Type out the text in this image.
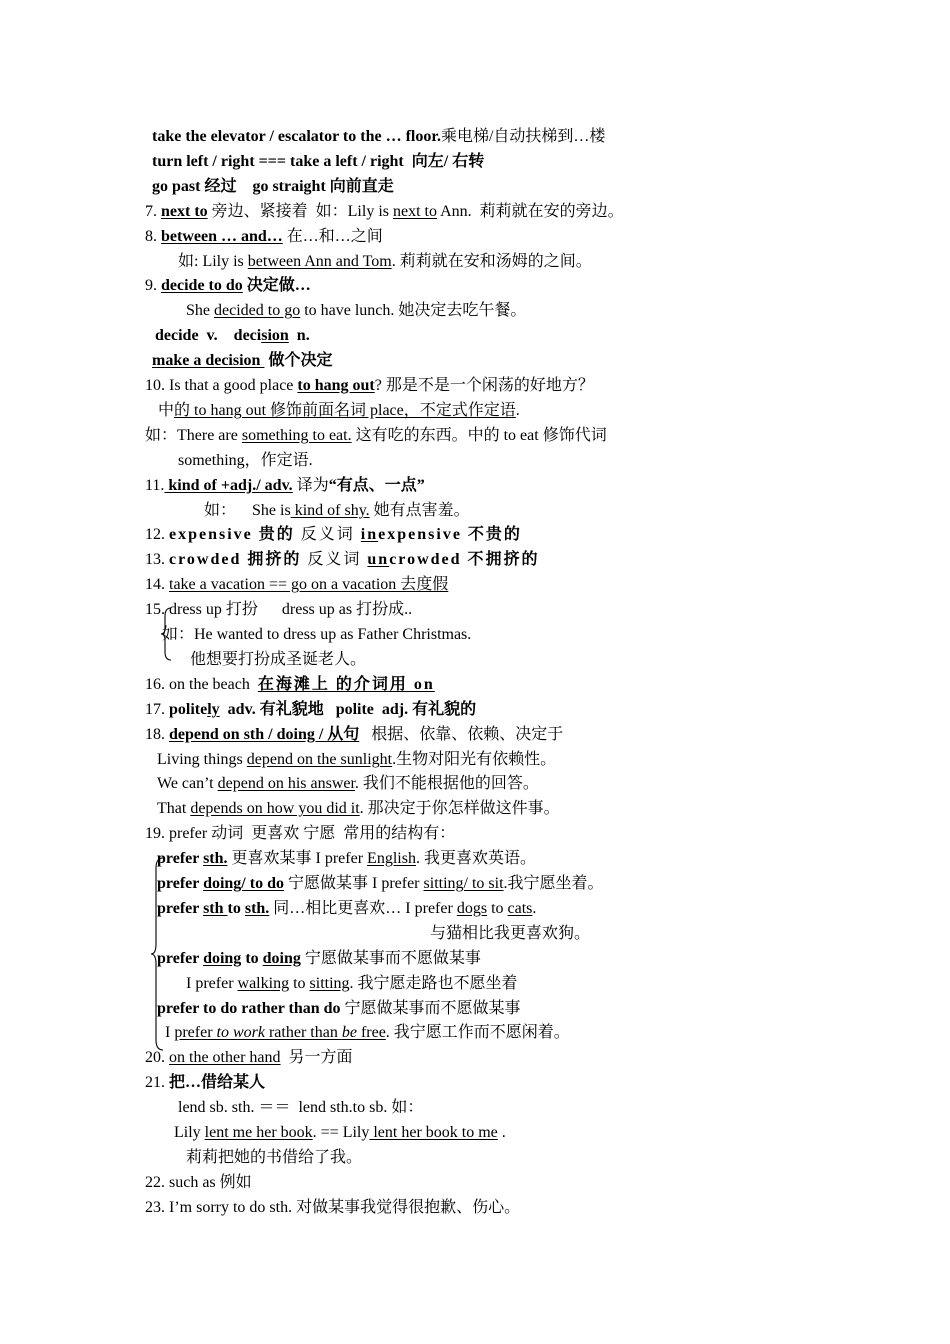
take the elevator / escalator to the … floor.乘电梯/自动扶梯到…楼
turn left / right === take a left / right  向左/ 右转
go past 经过    go straight 向前直走
7. next to 旁边、紧接着  如：Lily is next to Ann.  莉莉就在安的旁边。
8. between … and… 在…和…之间
如: Lily is between Ann and Tom. 莉莉就在安和汤姆的之间。
9. decide to do 决定做…
She decided to go to have lunch. 她决定去吃午餐。
decide  v.    decision  n.
make a decision  做个决定
10. Is that a good place to hang out? 那是不是一个闲荡的好地方？
中的 to hang out 修饰前面名词 place，不定式作定语.
如：There are something to eat. 这有吃的东西。中的 to eat 修饰代词
something，作定语.
11. kind of +adj./ adv. 译为“有点、一点”
如：    She is kind of shy. 她有点害羞。
12. expensive 贵的 反义词 inexpensive 不贵的
13. crowded 拥挤的 反义词 uncrowded 不拥挤的
14. take a vacation == go on a vacation 去度假
15. dress up 打扮      dress up as 打扮成..
如：He wanted to dress up as Father Christmas.
他想要打扮成圣诞老人。
16. on the beach  在海滩上 的介词用 on
17. politely  adv. 有礼貌地   polite  adj. 有礼貌的
18. depend on sth / doing / 从句   根据、依靠、依赖、决定于
Living things depend on the sunlight.生物对阳光有依赖性。
We can’t depend on his answer. 我们不能根据他的回答。
That depends on how you did it. 那决定于你怎样做这件事。
19. prefer 动词  更喜欢 宁愿  常用的结构有：
prefer sth. 更喜欢某事 I prefer English. 我更喜欢英语。
prefer doing/ to do 宁愿做某事 I prefer sitting/ to sit.我宁愿坐着。
prefer sth to sth. 同…相比更喜欢… I prefer dogs to cats.
与猫相比我更喜欢狗。
prefer doing to doing 宁愿做某事而不愿做某事
I prefer walking to sitting. 我宁愿走路也不愿坐着
prefer to do rather than do 宁愿做某事而不愿做某事
I prefer to work rather than be free. 我宁愿工作而不愿闲着。
20. on the other hand  另一方面
21. 把…借给某人
lend sb. sth. ＝＝  lend sth.to sb. 如：
Lily lent me her book. == Lily lent her book to me .
莉莉把她的书借给了我。
22. such as 例如
23. I’m sorry to do sth. 对做某事我觉得很抱歉、伤心。
